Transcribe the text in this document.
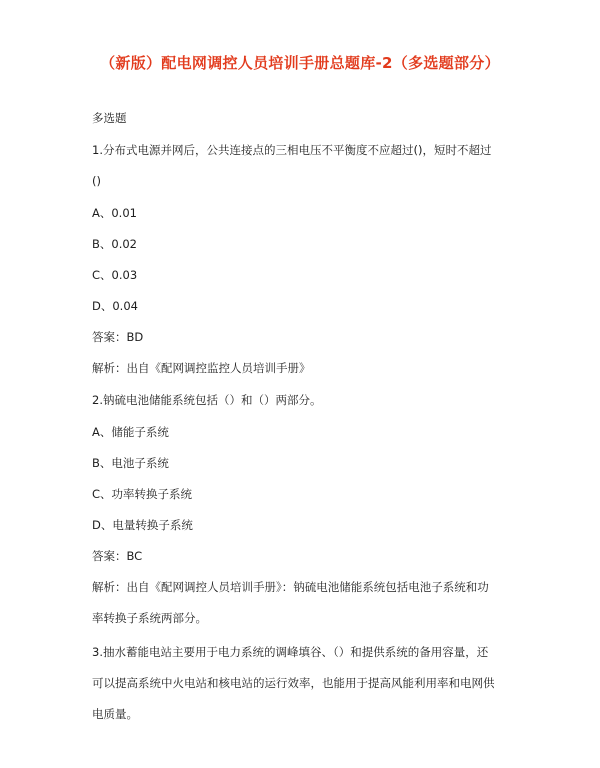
（新版）配电网调控人员培训手册总题库-2（多选题部分）
多选题
1.分布式电源并网后，公共连接点的三相电压不平衡度不应超过()，短时不超过
()
A、0.01
B、0.02
C、0.03
D、0.04
答案：BD
解析：出自《配网调控监控人员培训手册》
2.钠硫电池储能系统包括（）和（）两部分。
A、储能子系统
B、电池子系统
C、功率转换子系统
D、电量转换子系统
答案：BC
解析：出自《配网调控人员培训手册》：钠硫电池储能系统包括电池子系统和功
率转换子系统两部分。
3.抽水蓄能电站主要用于电力系统的调峰填谷、（）和提供系统的备用容量，还
可以提高系统中火电站和核电站的运行效率，也能用于提高风能利用率和电网供
电质量。
